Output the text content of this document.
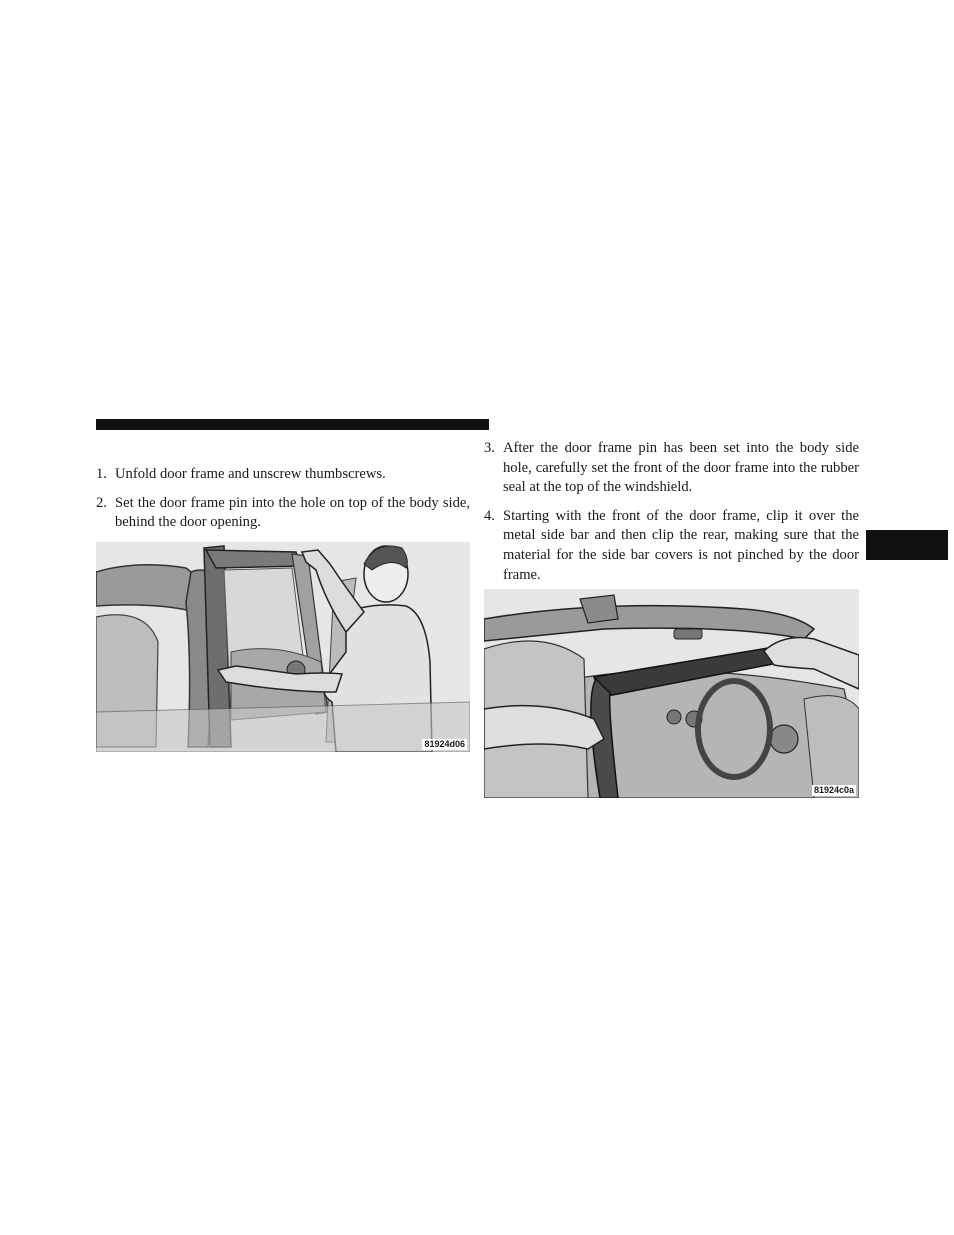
1. Unfold door frame and unscrew thumbscrews.
2. Set the door frame pin into the hole on top of the body side, behind the door opening.
3. After the door frame pin has been set into the body side hole, carefully set the front of the door frame into the rubber seal at the top of the windshield.
4. Starting with the front of the door frame, clip it over the metal side bar and then clip the rear, making sure that the material for the side bar covers is not pinched by the door frame.
81924d06
81924c0a
